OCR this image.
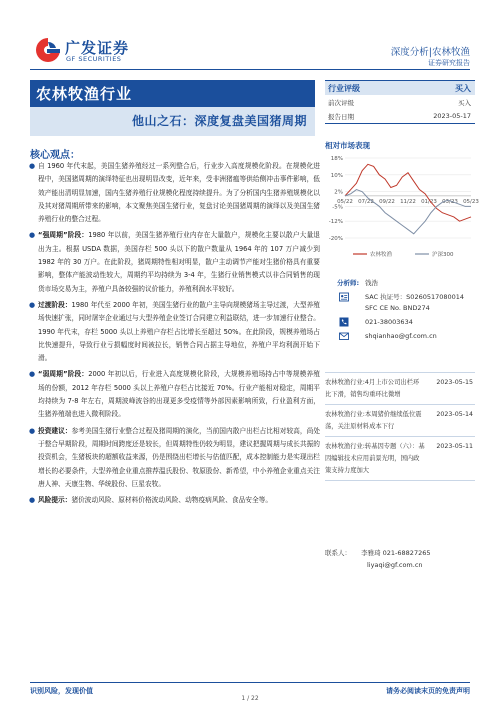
广发证券
GF SECURITIES
深度分析|农林牧渔
证券研究报告
农林牧渔行业
他山之石：深度复盘美国猪周期
核心观点：
● 自 1960 年代末起，美国生猪养殖经过一系列整合后，行业步入高度规模化阶段。在规模化进程中，美国猪周期的演绎特征也出现明显改变，近年来，受非洲猪瘟等供给侧冲击事件影响，低效产能出清明显加速，国内生猪养殖行业规模化程度持续提升。为了分析国内生猪养殖规模化以及其对猪周期所带来的影响，本文聚焦美国生猪行业，复盘讨论美国猪周期的演绎以及美国生猪养殖行业的整合过程。
● “强周期”阶段：1980 年以前，美国生猪养殖行业内存在大量散户，规模化主要以散户大量退出为主。根据 USDA 数据，美国存栏 500 头以下的散户数量从 1964 年的 107 万户减少到 1982 年的 30 万户。在此阶段，猪周期特性相对明显，散户主动调节产能对生猪价格具有重要影响，整体产能波动性较大，周期约平均持续为 3-4 年，生猪行业销售模式以非合同销售的现货市场交易为主，养殖户具备较强的议价能力，养殖利润水平较好。
● 过渡阶段：1980 年代至 2000 年初，美国生猪行业的散户主导向规模猪场主导过渡，大型养殖场快速扩张，同时屠宰企业通过与大型养殖企业签订合同建立利益联结，进一步加速行业整合。1990 年代末，存栏 5000 头以上养殖户存栏占比增长至超过 50%。在此阶段，规模养殖场占比快速提升，导致行业亏损幅度时间被拉长，销售合同占据主导地位，养殖户平均利润开始下滑。
● “弱周期”阶段：2000 年初以后，行业进入高度规模化阶段，大规模养殖场持占中等规模养殖场的份额，2012 年存栏 5000 头以上养殖户存栏占比接近 70%。行业产能相对稳定，周期平均持续为 7-8 年左右，周期波峰波谷的出现更多受疫情等外部因素影响所致，行业盈利方面，生猪养殖端也进入微利阶段。
● 投资建议：参考美国生猪行业整合过程及猪周期的演化，当前国内散户出栏占比相对较高，尚处于整合早期阶段，周期时间跨度还是较长，但周期特性仍较为明显，建议把握周期与成长共振的投资机会，生猪板块的超额收益来源，仍是围绕出栏增长与估值匹配，成本控制能力是实现出栏增长的必要条件，大型养殖企业重点推荐温氏股份、牧原股份、新希望，中小养殖企业重点关注唐人神、天康生物、华统股份、巨星农牧。
● 风险提示：猪价波动风险、原材料价格波动风险、动物疫病风险、食品安全等。
行业评级	买入
前次评级	买入
报告日期	2023-05-17
相对市场表现
18%
10%
2%
-5%
-12%
-20%
05/22 07/22 09/22 11/22 01/23 03/23 05/23
农林牧渔	沪深300
分析师: 钱浩
SAC 执证号：S0260517080014
SFC CE No. BND274
021-38003634
shqianhao@gf.com.cn
农林牧渔行业:4月上市公司出栏环比下滑，销售均重环比微增
2023-05-15
农林牧渔行业:本周猪价继续低位震荡，关注原材料成本下行
2023-05-14
农林牧渔行业:转基因专题（六）：基因编辑技术应用前景光明，国内政策支持力度加大
2023-05-11
联系人： 李雅琦 021-68827265
liyaqi@gf.com.cn
识别风险，发现价值	请务必阅读末页的免责声明
1 / 22
